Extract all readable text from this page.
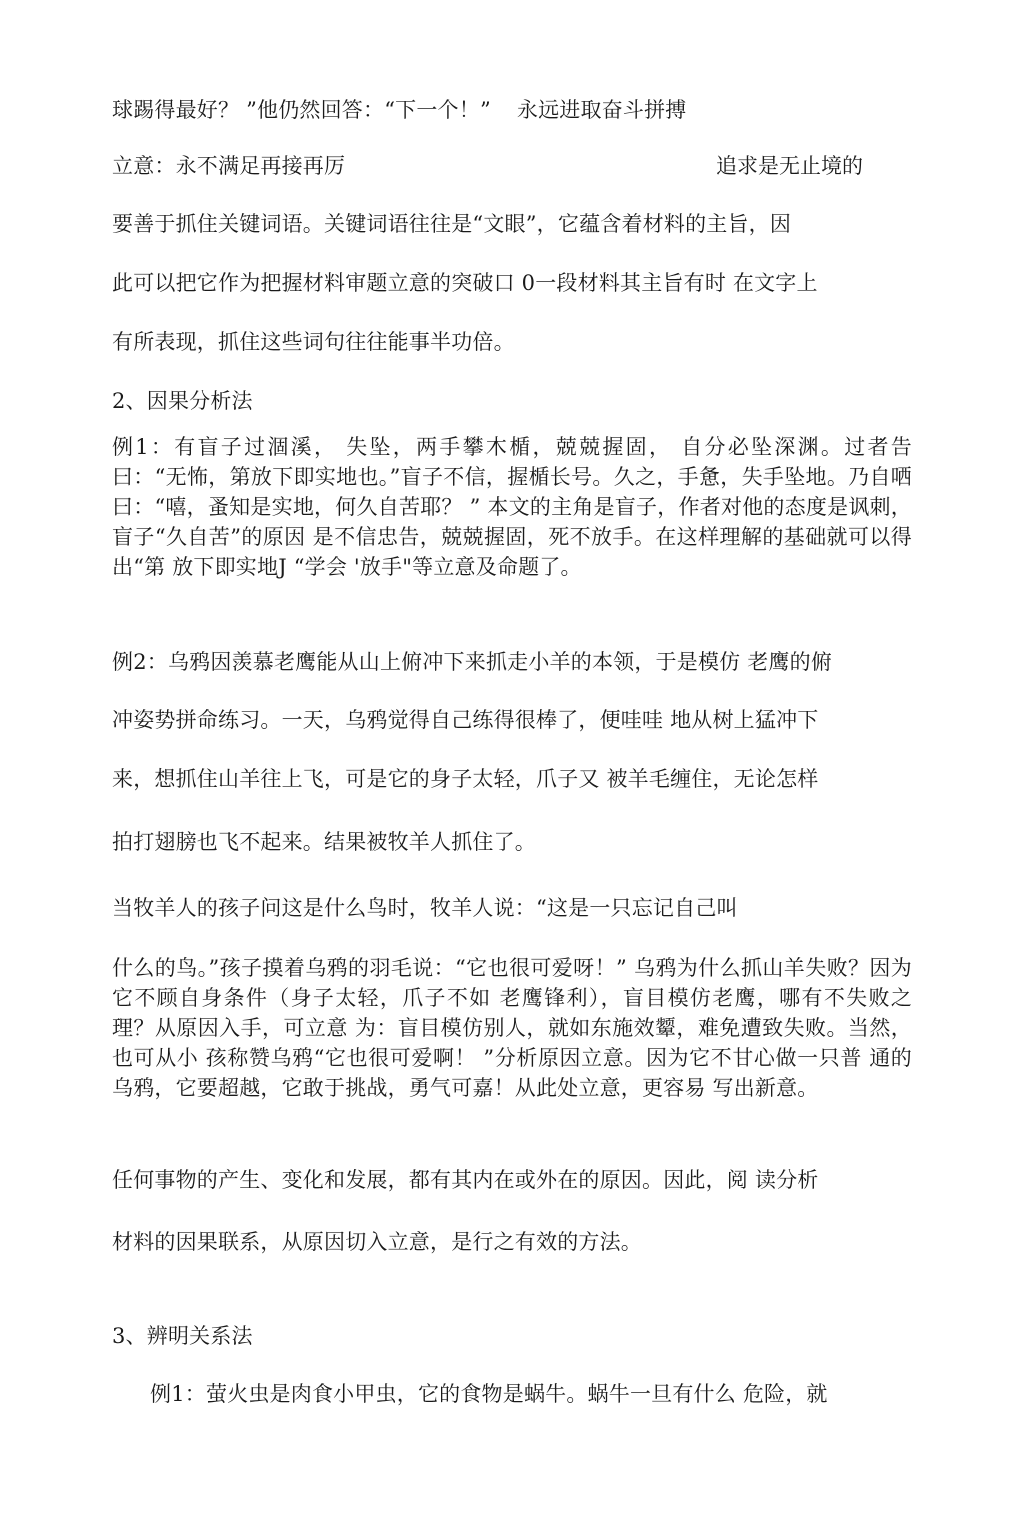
球踢得最好？ ”他仍然回答：“下一个！” 永远进取奋斗拼搏
立意：永不满足再接再厉	追求是无止境的
要善于抓住关键词语。关键词语往往是“文眼”，它蕴含着材料的主旨，因
此可以把它作为把握材料审题立意的突破口 0一段材料其主旨有时 在文字上
有所表现，抓住这些词句往往能事半功倍。
2、因果分析法
例1：有盲子过涸溪， 失坠，两手攀木楯，兢兢握固， 自分必坠深渊。过者告曰：“无怖，第放下即实地也。”盲子不信，握楯长号。久之，手惫，失手坠地。乃自哂曰：“嘻，蚤知是实地，何久自苦耶？ ” 本文的主角是盲子，作者对他的态度是讽刺，盲子“久自苦”的原因 是不信忠告，兢兢握固，死不放手。在这样理解的基础就可以得出“第 放下即实地J “学会 '放手"等立意及命题了。
例2：乌鸦因羡慕老鹰能从山上俯冲下来抓走小羊的本领，于是模仿 老鹰的俯
冲姿势拼命练习。一天，乌鸦觉得自己练得很棒了，便哇哇 地从树上猛冲下
来，想抓住山羊往上飞，可是它的身子太轻，爪子又 被羊毛缠住，无论怎样
拍打翅膀也飞不起来。结果被牧羊人抓住了。
当牧羊人的孩子问这是什么鸟时，牧羊人说：“这是一只忘记自己叫
什么的鸟。”孩子摸着乌鸦的羽毛说：“它也很可爱呀！” 乌鸦为什么抓山羊失败？因为它不顾自身条件（身子太轻，爪子不如 老鹰锋利），盲目模仿老鹰，哪有不失败之理？从原因入手，可立意 为：盲目模仿别人，就如东施效颦，难免遭致失败。当然，也可从小 孩称赞乌鸦“它也很可爱啊！ ”分析原因立意。因为它不甘心做一只普 通的乌鸦，它要超越，它敢于挑战，勇气可嘉！从此处立意，更容易 写出新意。
任何事物的产生、变化和发展，都有其内在或外在的原因。因此，阅 读分析
材料的因果联系，从原因切入立意，是行之有效的方法。
3、辨明关系法
例1：萤火虫是肉食小甲虫，它的食物是蜗牛。蜗牛一旦有什么 危险，就
